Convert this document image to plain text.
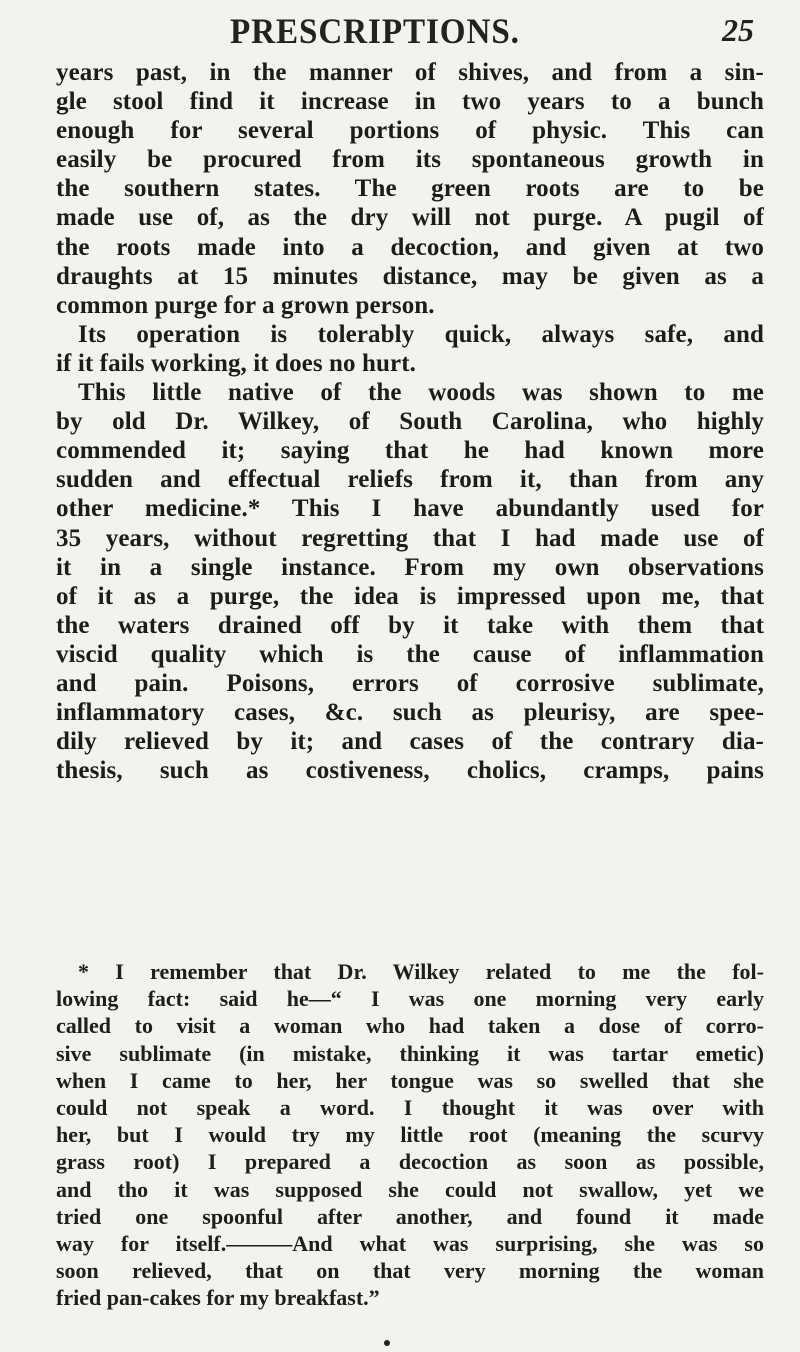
PRESCRIPTIONS.	25
years past, in the manner of shives, and from a sin-
gle stool find it increase in two years to a bunch
enough for several portions of physic. This can
easily be procured from its spontaneous growth in
the southern states. The green roots are to be
made use of, as the dry will not purge. A pugil of
the roots made into a decoction, and given at two
draughts at 15 minutes distance, may be given as a
common purge for a grown person.
Its operation is tolerably quick, always safe, and
if it fails working, it does no hurt.
This little native of the woods was shown to me
by old Dr. Wilkey, of South Carolina, who highly
commended it; saying that he had known more
sudden and effectual reliefs from it, than from any
other medicine.* This I have abundantly used for
35 years, without regretting that I had made use of
it in a single instance. From my own observations
of it as a purge, the idea is impressed upon me, that
the waters drained off by it take with them that
viscid quality which is the cause of inflammation
and pain. Poisons, errors of corrosive sublimate,
inflammatory cases, &c. such as pleurisy, are spee-
dily relieved by it; and cases of the contrary dia-
thesis, such as costiveness, cholics, cramps, pains
* I remember that Dr. Wilkey related to me the fol-
lowing fact: said he—“ I was one morning very early
called to visit a woman who had taken a dose of corro-
sive sublimate (in mistake, thinking it was tartar emetic)
when I came to her, her tongue was so swelled that she
could not speak a word. I thought it was over with
her, but I would try my little root (meaning the scurvy
grass root) I prepared a decoction as soon as possible,
and tho it was supposed she could not swallow, yet we
tried one spoonful after another, and found it made
way for itself.———And what was surprising, she was so
soon relieved, that on that very morning the woman
fried pan-cakes for my breakfast.”
